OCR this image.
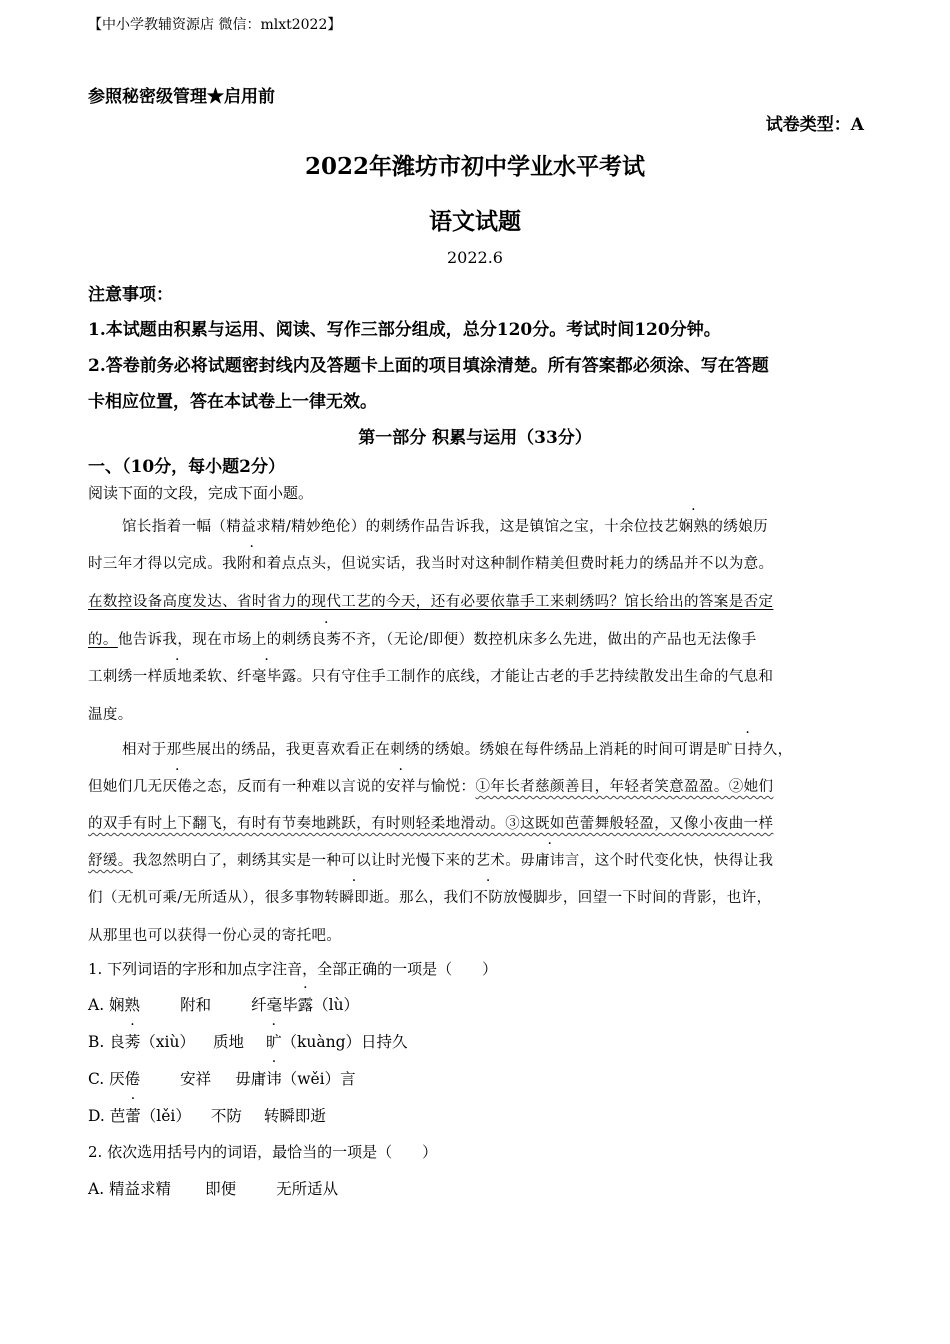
【中小学教辅资源店 微信：mlxt2022】
参照秘密级管理★启用前
试卷类型：A
2022年潍坊市初中学业水平考试
语文试题
2022.6
注意事项：
1.本试题由积累与运用、阅读、写作三部分组成，总分120分。考试时间120分钟。
2.答卷前务必将试题密封线内及答题卡上面的项目填涂清楚。所有答案都必须涂、写在答题
卡相应位置，答在本试卷上一律无效。
第一部分 积累与运用（33分）
一、（10分，每小题2分）
阅读下面的文段，完成下面小题。
馆长指着一幅（精益求精/精妙绝伦）的刺绣作品告诉我，这是镇馆之宝，十余位技艺娴熟的绣娘历
时三年才得以完成。我附和着点点头，但说实话，我当时对这种制作精美但费时耗力的绣品并不以为意。
在数控设备高度发达、省时省力的现代工艺的今天，还有必要依靠手工来刺绣吗？馆长给出的答案是否定
的。他告诉我，现在市场上的刺绣良莠不齐，（无论/即便）数控机床多么先进，做出的产品也无法像手
工刺绣一样质地柔软、纤毫毕露。只有守住手工制作的底线，才能让古老的手艺持续散发出生命的气息和
温度。
相对于那些展出的绣品，我更喜欢看正在刺绣的绣娘。绣娘在每件绣品上消耗的时间可谓是旷日持久，
但她们几无厌倦之态，反而有一种难以言说的安祥与愉悦：①年长者慈颜善目，年轻者笑意盈盈。②她们
的双手有时上下翻飞，有时有节奏地跳跃，有时则轻柔地滑动。③这既如芭蕾舞般轻盈，又像小夜曲一样
舒缓。我忽然明白了，刺绣其实是一种可以让时光慢下来的艺术。毋庸讳言，这个时代变化快，快得让我
们（无机可乘/无所适从），很多事物转瞬即逝。那么，我们不防放慢脚步，回望一下时间的背影，也许，
从那里也可以获得一份心灵的寄托吧。
1. 下列词语的字形和加点字注音，全部正确的一项是（　　）
A. 娴熟	附和	纤毫毕露（lù）
B. 良莠（xiù） 质地 旷（kuàng）日持久
C. 厌倦	安祥 毋庸讳（wěi）言
D. 芭蕾（lěi） 不防 转瞬即逝
2. 依次选用括号内的词语，最恰当的一项是（　　）
A. 精益求精 即便	无所适从
